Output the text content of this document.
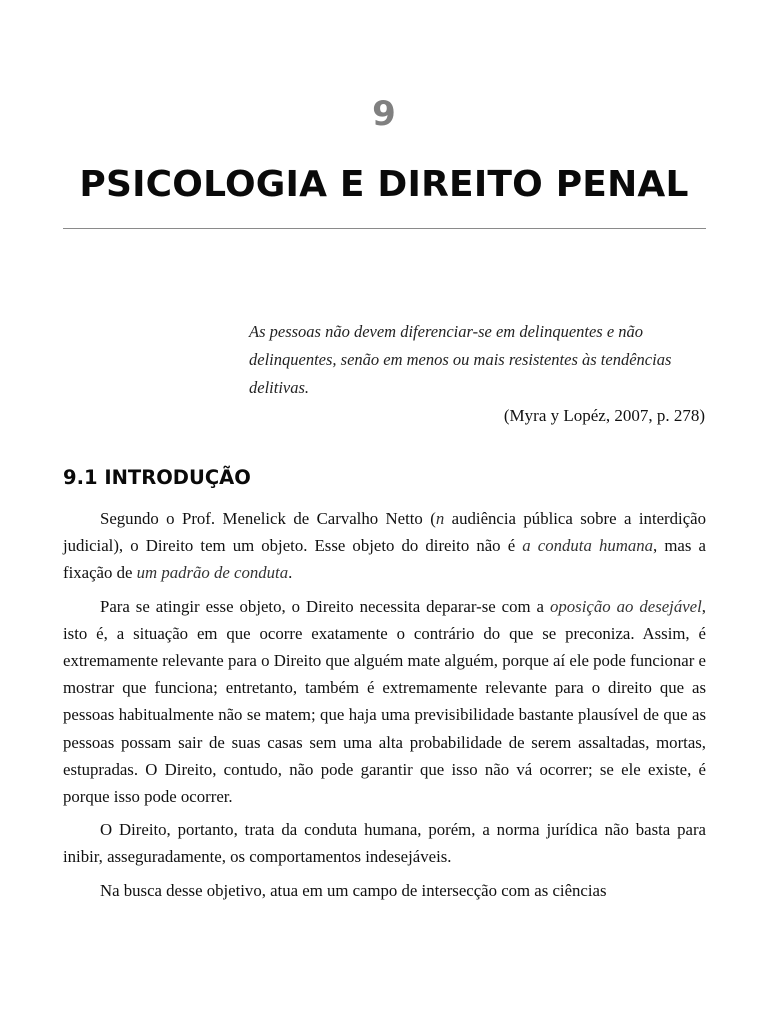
9
PSICOLOGIA E DIREITO PENAL
As pessoas não devem diferenciar-se em delinquentes e não delinquentes, senão em menos ou mais resistentes às tendências delitivas.
(Myra y Lopéz, 2007, p. 278)
9.1 INTRODUÇÃO

Segundo o Prof. Menelick de Carvalho Netto (n audiência pública sobre a interdição judicial), o Direito tem um objeto. Esse objeto do direito não é a conduta humana, mas a fixação de um padrão de conduta.

Para se atingir esse objeto, o Direito necessita deparar-se com a oposição ao desejável, isto é, a situação em que ocorre exatamente o contrário do que se preconiza. Assim, é extremamente relevante para o Direito que alguém mate alguém, porque aí ele pode funcionar e mostrar que funciona; entretanto, também é extremamente relevante para o direito que as pessoas habitualmente não se matem; que haja uma previsibilidade bastante plausível de que as pessoas possam sair de suas casas sem uma alta probabilidade de serem assaltadas, mortas, estupradas. O Direito, contudo, não pode garantir que isso não vá ocorrer; se ele existe, é porque isso pode ocorrer.

O Direito, portanto, trata da conduta humana, porém, a norma jurídica não basta para inibir, asseguradamente, os comportamentos indesejáveis.

Na busca desse objetivo, atua em um campo de intersecção com as ciências
